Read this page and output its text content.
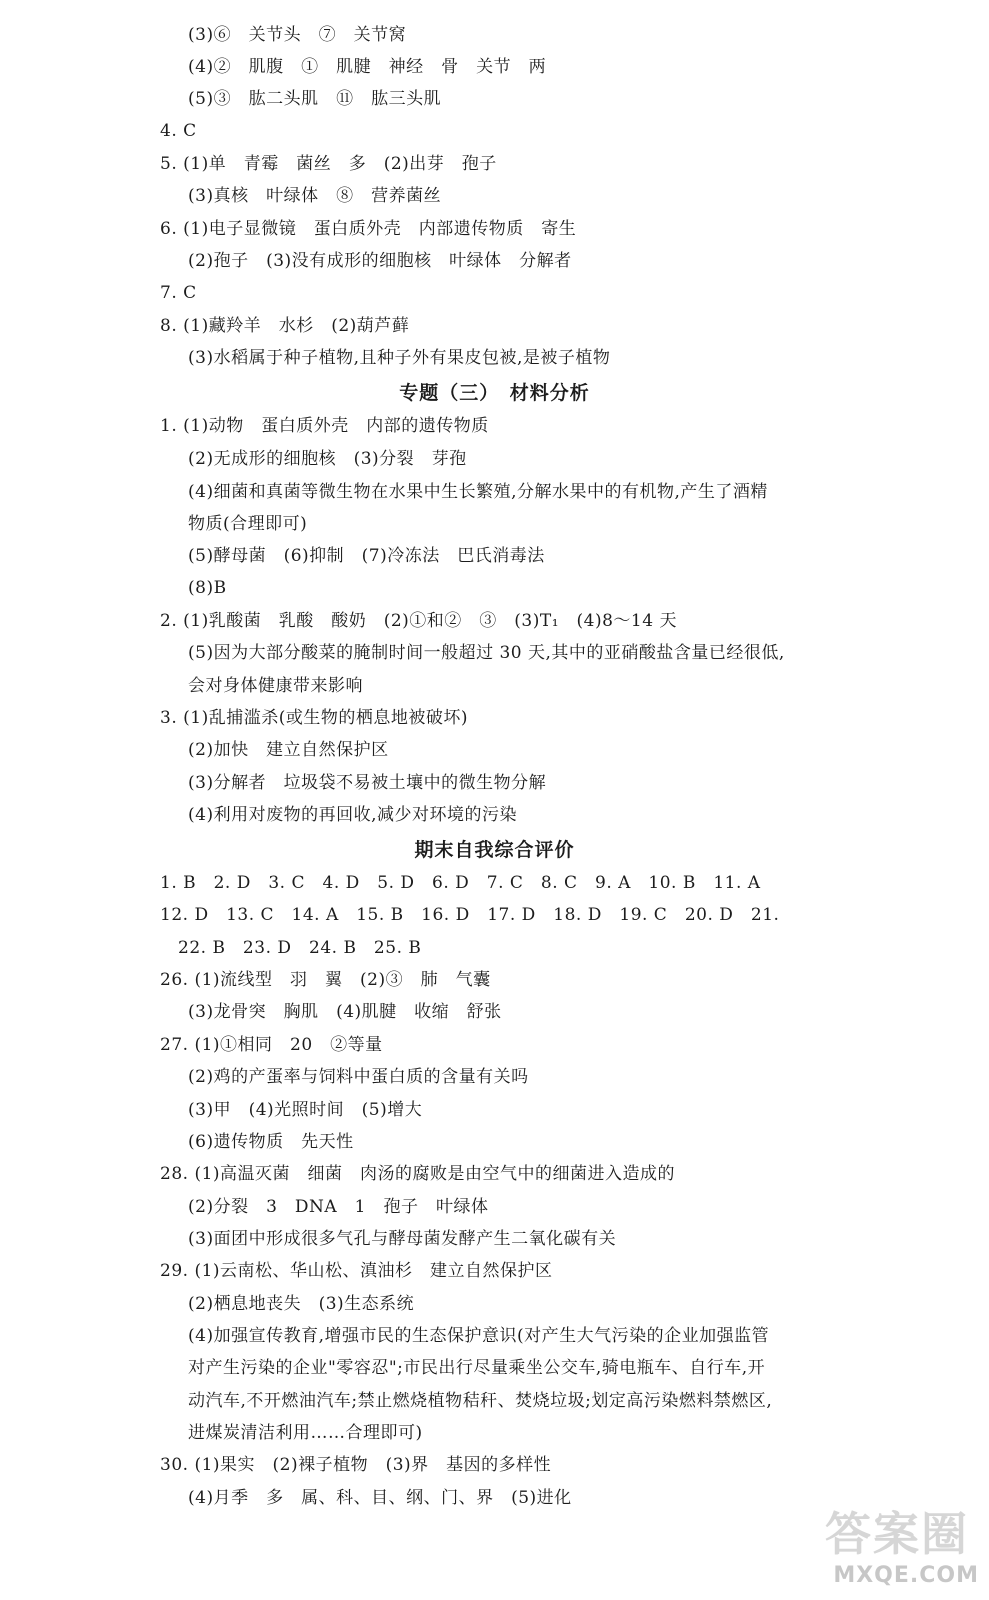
(3)⑥　关节头　⑦　关节窝
(4)②　肌腹　①　肌腱　神经　骨　关节　两
(5)③　肱二头肌　⑪　肱三头肌
4. C
5. (1)单　青霉　菌丝　多　(2)出芽　孢子
(3)真核　叶绿体　⑧　营养菌丝
6. (1)电子显微镜　蛋白质外壳　内部遗传物质　寄生
(2)孢子　(3)没有成形的细胞核　叶绿体　分解者
7. C
8. (1)藏羚羊　水杉　(2)葫芦藓
(3)水稻属于种子植物,且种子外有果皮包被,是被子植物
专题（三）　材料分析
1. (1)动物　蛋白质外壳　内部的遗传物质
(2)无成形的细胞核　(3)分裂　芽孢
(4)细菌和真菌等微生物在水果中生长繁殖,分解水果中的有机物,产生了酒精
物质(合理即可)
(5)酵母菌　(6)抑制　(7)冷冻法　巴氏消毒法
(8)B
2. (1)乳酸菌　乳酸　酸奶　(2)①和②　③　(3)T₁　(4)8～14 天
(5)因为大部分酸菜的腌制时间一般超过 30 天,其中的亚硝酸盐含量已经很低,
会对身体健康带来影响
3. (1)乱捕滥杀(或生物的栖息地被破坏)
(2)加快　建立自然保护区
(3)分解者　垃圾袋不易被土壤中的微生物分解
(4)利用对废物的再回收,减少对环境的污染
期末自我综合评价
1. B　2. D　3. C　4. D　5. D　6. D　7. C　8. C　9. A　10. B　11. A
12. D　13. C　14. A　15. B　16. D　17. D　18. D　19. C　20. D　21.
22. B　23. D　24. B　25. B
26. (1)流线型　羽　翼　(2)③　肺　气囊
(3)龙骨突　胸肌　(4)肌腱　收缩　舒张
27. (1)①相同　20　②等量
(2)鸡的产蛋率与饲料中蛋白质的含量有关吗
(3)甲　(4)光照时间　(5)增大
(6)遗传物质　先天性
28. (1)高温灭菌　细菌　肉汤的腐败是由空气中的细菌进入造成的
(2)分裂　3　DNA　1　孢子　叶绿体
(3)面团中形成很多气孔与酵母菌发酵产生二氧化碳有关
29. (1)云南松、华山松、滇油杉　建立自然保护区
(2)栖息地丧失　(3)生态系统
(4)加强宣传教育,增强市民的生态保护意识(对产生大气污染的企业加强监管
对产生污染的企业"零容忍";市民出行尽量乘坐公交车,骑电瓶车、自行车,开
动汽车,不开燃油汽车;禁止燃烧植物秸秆、焚烧垃圾;划定高污染燃料禁燃区,
进煤炭清洁利用……合理即可)
30. (1)果实　(2)裸子植物　(3)界　基因的多样性
(4)月季　多　属、科、目、纲、门、界　(5)进化
答案圈
MXQE.COM
